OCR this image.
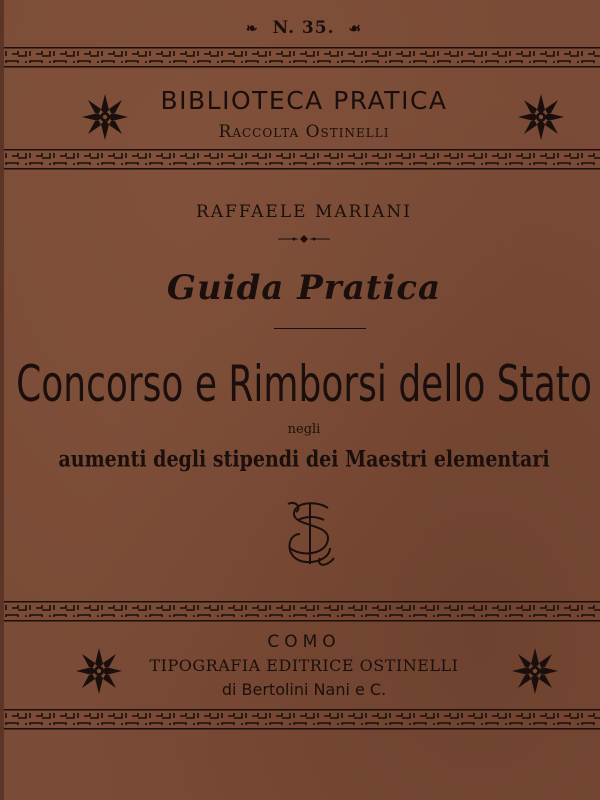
❧ N. 35. ☙
BIBLIOTECA PRATICA
Raccolta Ostinelli
RAFFAELE MARIANI
Guida Pratica
Concorso e Rimborsi dello Stato
negli
aumenti degli stipendi dei Maestri elementari
COMO
TIPOGRAFIA EDITRICE OSTINELLI
di Bertolini Nani e C.
